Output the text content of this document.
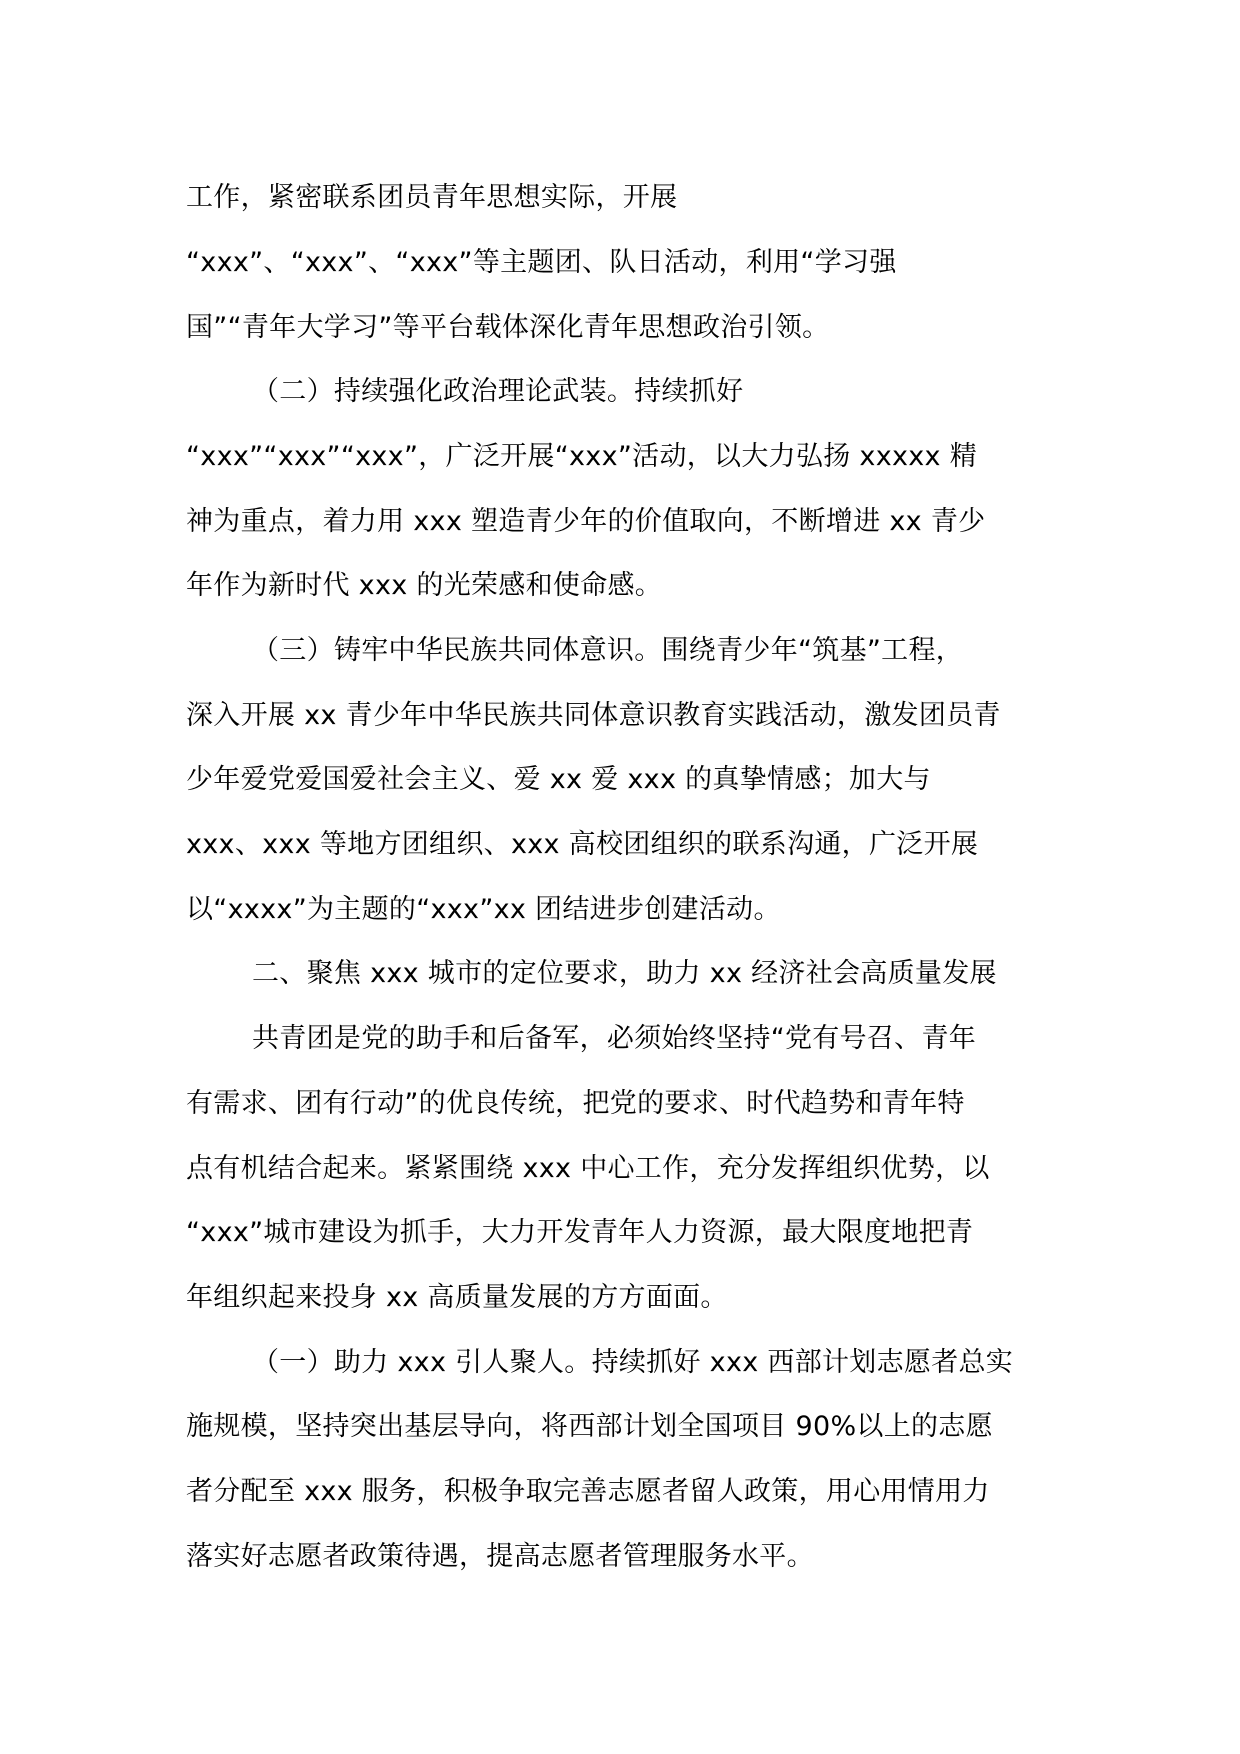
工作，紧密联系团员青年思想实际，开展
“xxx”、“xxx”、“xxx”等主题团、队日活动，利用“学习强
国”“青年大学习”等平台载体深化青年思想政治引领。
（二）持续强化政治理论武装。持续抓好
“xxx”“xxx”“xxx”，广泛开展“xxx”活动，以大力弘扬 xxxxx 精
神为重点，着力用 xxx 塑造青少年的价值取向，不断增进 xx 青少
年作为新时代 xxx 的光荣感和使命感。
（三）铸牢中华民族共同体意识。围绕青少年“筑基”工程，
深入开展 xx 青少年中华民族共同体意识教育实践活动，激发团员青
少年爱党爱国爱社会主义、爱 xx 爱 xxx 的真挚情感；加大与
xxx、xxx 等地方团组织、xxx 高校团组织的联系沟通，广泛开展
以“xxxx”为主题的“xxx”xx 团结进步创建活动。
二、聚焦 xxx 城市的定位要求，助力 xx 经济社会高质量发展
共青团是党的助手和后备军，必须始终坚持“党有号召、青年
有需求、团有行动”的优良传统，把党的要求、时代趋势和青年特
点有机结合起来。紧紧围绕 xxx 中心工作，充分发挥组织优势，以
“xxx”城市建设为抓手，大力开发青年人力资源，最大限度地把青
年组织起来投身 xx 高质量发展的方方面面。
（一）助力 xxx 引人聚人。持续抓好 xxx 西部计划志愿者总实
施规模，坚持突出基层导向，将西部计划全国项目 90%以上的志愿
者分配至 xxx 服务，积极争取完善志愿者留人政策，用心用情用力
落实好志愿者政策待遇，提高志愿者管理服务水平。
